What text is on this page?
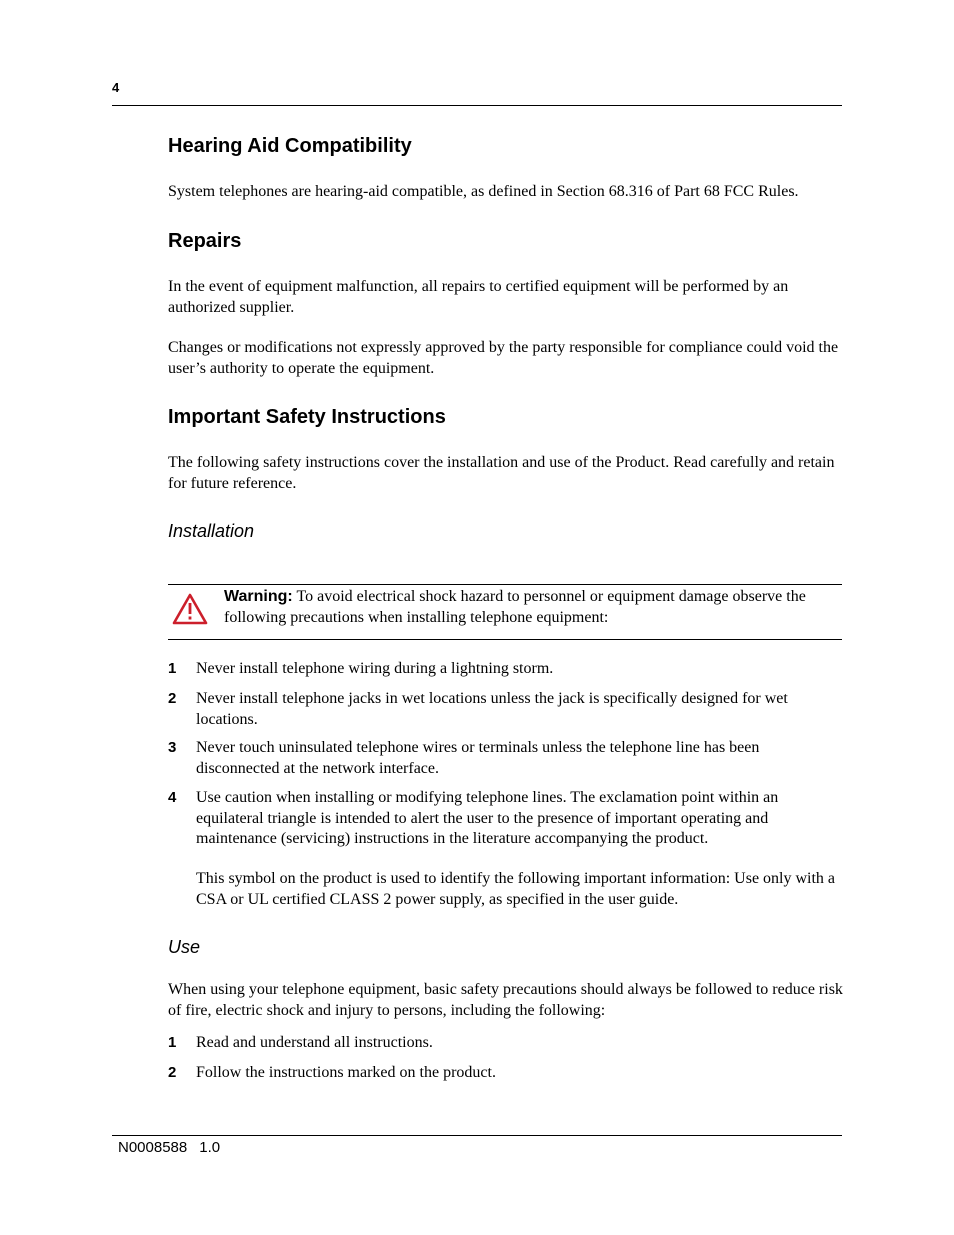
4
Hearing Aid Compatibility
System telephones are hearing-aid compatible, as defined in Section 68.316 of Part 68 FCC Rules.
Repairs
In the event of equipment malfunction, all repairs to certified equipment will be performed by an authorized supplier.
Changes or modifications not expressly approved by the party responsible for compliance could void the user’s authority to operate the equipment.
Important Safety Instructions
The following safety instructions cover the installation and use of the Product. Read carefully and retain for future reference.
Installation
Warning: To avoid electrical shock hazard to personnel or equipment damage observe the following precautions when installing telephone equipment:
1 Never install telephone wiring during a lightning storm.
2 Never install telephone jacks in wet locations unless the jack is specifically designed for wet locations.
3 Never touch uninsulated telephone wires or terminals unless the telephone line has been disconnected at the network interface.
4 Use caution when installing or modifying telephone lines. The exclamation point within an equilateral triangle is intended to alert the user to the presence of important operating and maintenance (servicing) instructions in the literature accompanying the product.
This symbol on the product is used to identify the following important information: Use only with a CSA or UL certified CLASS 2 power supply, as specified in the user guide.
Use
When using your telephone equipment, basic safety precautions should always be followed to reduce risk of fire, electric shock and injury to persons, including the following:
1 Read and understand all instructions.
2 Follow the instructions marked on the product.
N0008588 1.0
